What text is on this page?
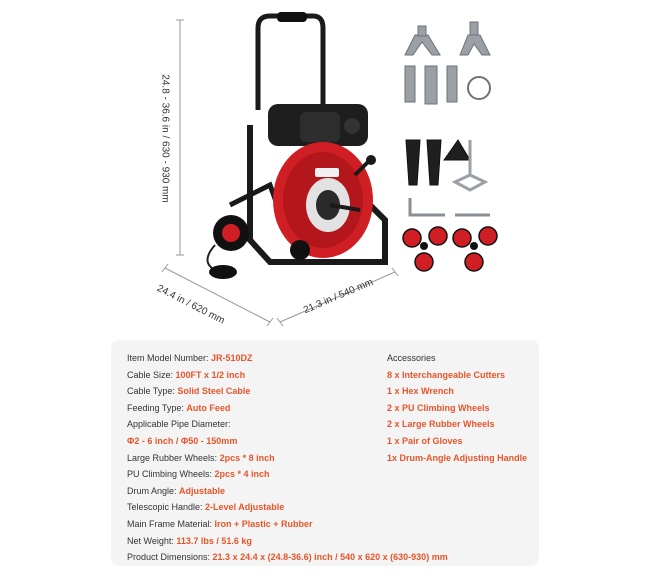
24.8 - 36.6 in / 630 - 930 mm
24.4 in / 620 mm	21.3 in / 540 mm
Item Model Number: JR-510DZ
Cable Size: 100FT x 1/2 inch
Cable Type: Solid Steel Cable
Feeding Type: Auto Feed
Applicable Pipe Diameter:
Φ2 - 6 inch / Φ50 - 150mm
Large Rubber Wheels: 2pcs * 8 inch
PU Climbing Wheels: 2pcs * 4 inch
Drum Angle: Adjustable
Telescopic Handle: 2-Level Adjustable
Main Frame Material: Iron + Plastic + Rubber
Net Weight: 113.7 lbs / 51.6 kg
Product Dimensions: 21.3 x 24.4 x (24.8-36.6) inch / 540 x 620 x (630-930) mm
Accessories
8 x Interchangeable Cutters
1 x Hex Wrench
2 x PU Climbing Wheels
2 x Large Rubber Wheels
1 x Pair of Gloves
1x Drum-Angle Adjusting Handle
